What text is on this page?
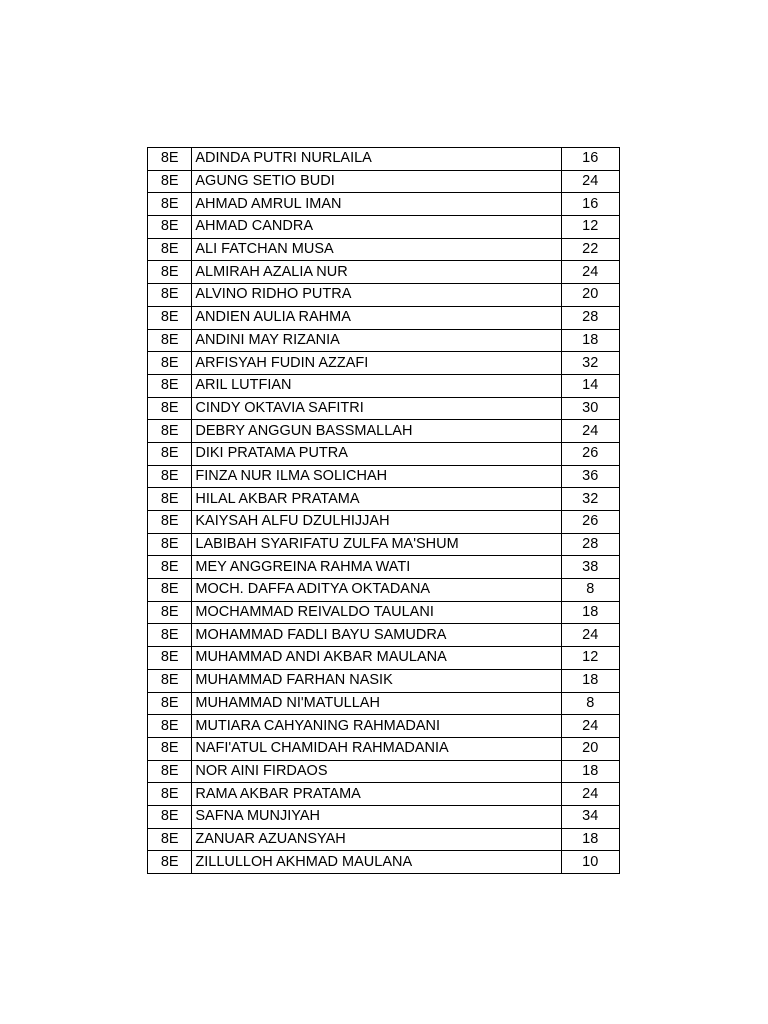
8E	ADINDA PUTRI NURLAILA	16
8E	AGUNG SETIO BUDI	24
8E	AHMAD AMRUL IMAN	16
8E	AHMAD CANDRA	12
8E	ALI FATCHAN MUSA	22
8E	ALMIRAH AZALIA NUR	24
8E	ALVINO RIDHO PUTRA	20
8E	ANDIEN AULIA RAHMA	28
8E	ANDINI MAY RIZANIA	18
8E	ARFISYAH FUDIN AZZAFI	32
8E	ARIL LUTFIAN	14
8E	CINDY OKTAVIA SAFITRI	30
8E	DEBRY ANGGUN BASSMALLAH	24
8E	DIKI PRATAMA PUTRA	26
8E	FINZA NUR ILMA SOLICHAH	36
8E	HILAL AKBAR PRATAMA	32
8E	KAIYSAH ALFU DZULHIJJAH	26
8E	LABIBAH SYARIFATU ZULFA MA'SHUM	28
8E	MEY ANGGREINA RAHMA WATI	38
8E	MOCH. DAFFA ADITYA OKTADANA	8
8E	MOCHAMMAD REIVALDO TAULANI	18
8E	MOHAMMAD FADLI BAYU SAMUDRA	24
8E	MUHAMMAD ANDI AKBAR MAULANA	12
8E	MUHAMMAD FARHAN NASIK	18
8E	MUHAMMAD NI'MATULLAH	8
8E	MUTIARA CAHYANING RAHMADANI	24
8E	NAFI'ATUL CHAMIDAH RAHMADANIA	20
8E	NOR AINI FIRDAOS	18
8E	RAMA AKBAR PRATAMA	24
8E	SAFNA MUNJIYAH	34
8E	ZANUAR AZUANSYAH	18
8E	ZILLULLOH AKHMAD MAULANA	10
